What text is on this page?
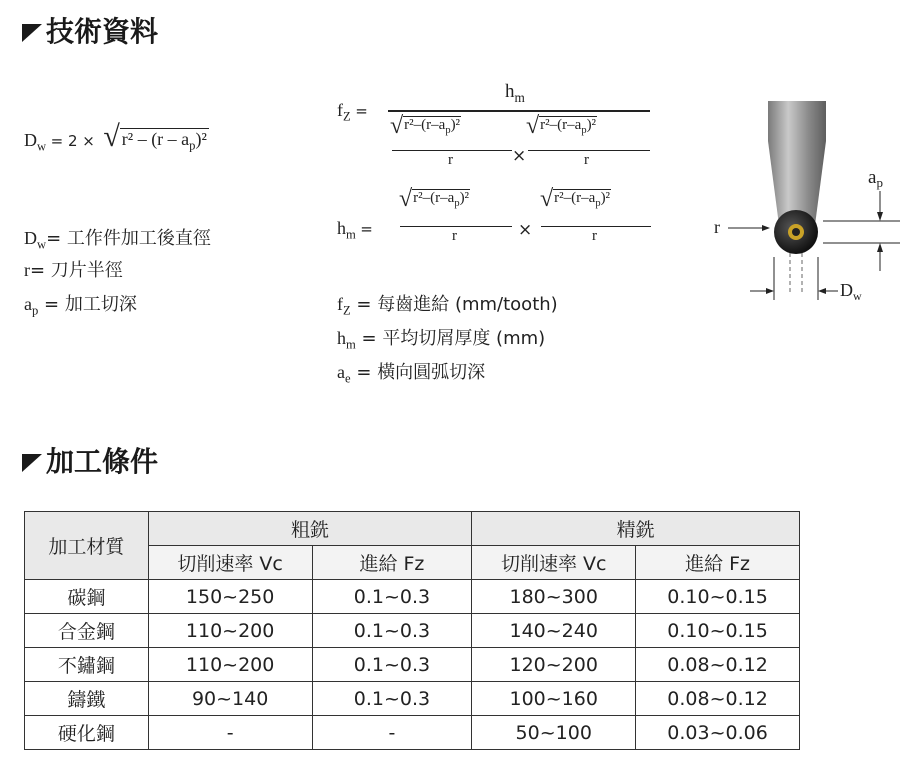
技術資料
$D_w = 2$ × √ $r^2 - (r - a_p)^2$
$D_w=$ 工作件加工後直徑
r= 刀片半徑
$a_p$ = 加工切深
$f_Z$ =
$h_m$
$√r^2-(r-a_p)^2$
r	×
$√r^2-(r-a_p)^2$
r
$h_m$ =
$√r^2-(r-a_p)^2$
r	×
$√r^2-(r-a_p)^2$
r
$f_Z$ = 每齒進給 (mm/tooth)
$h_m$ = 平均切屑厚度 (mm)
$a_e$ = 橫向圓弧切深
r
$a_p$
$D_w$
加工條件
加工材質	粗銑		精銑	
	切削速率 Vc	進給 Fz	切削速率 Vc	進給 Fz
碳鋼	150~250	0.1~0.3	180~300	0.10~0.15
合金鋼	110~200	0.1~0.3	140~240	0.10~0.15
不鏽鋼	110~200	0.1~0.3	120~200	0.08~0.12
鑄鐵	90~140	0.1~0.3	100~160	0.08~0.12
硬化鋼	-	-	50~100	0.03~0.06
